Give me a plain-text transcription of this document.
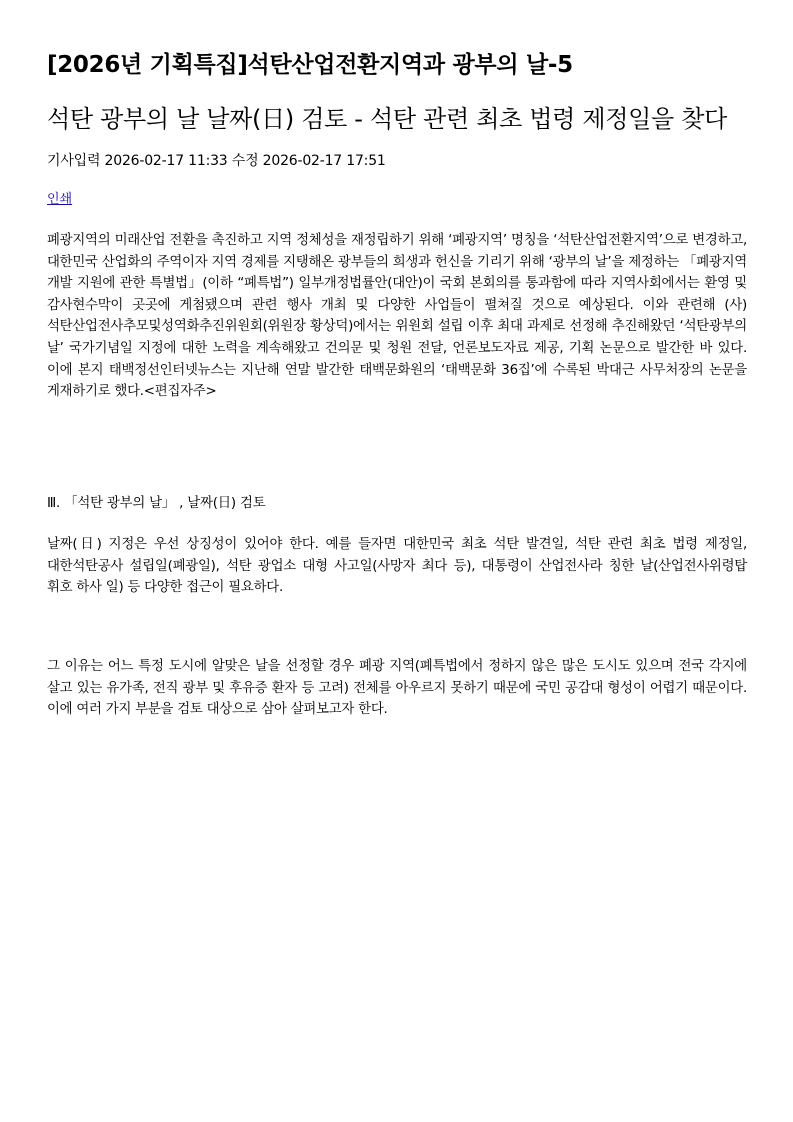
[2026년 기획특집]석탄산업전환지역과 광부의 날-5
석탄 광부의 날 날짜(日) 검토 - 석탄 관련 최초 법령 제정일을 찾다
기사입력 2026-02-17 11:33 수정 2026-02-17 17:51
인쇄

폐광지역의 미래산업 전환을 촉진하고 지역 정체성을 재정립하기 위해 ‘폐광지역’ 명칭을 ‘석탄산업전환지역’으로 변경하고, 대한민국 산업화의 주역이자 지역 경제를 지탱해온 광부들의 희생과 헌신을 기리기 위해 ‘광부의 날’을 제정하는 「폐광지역 개발 지원에 관한 특별법」(이하 “폐특법”) 일부개정법률안(대안)이 국회 본회의를 통과함에 따라 지역사회에서는 환영 및 감사현수막이 곳곳에 게첨됐으며 관련 행사 개최 및 다양한 사업들이 펼쳐질 것으로 예상된다. 이와 관련해 (사)석탄산업전사추모및성역화추진위원회(위원장 황상덕)에서는 위원회 설립 이후 최대 과제로 선정해 추진해왔던 ‘석탄광부의 날’ 국가기념일 지정에 대한 노력을 계속해왔고 건의문 및 청원 전달, 언론보도자료 제공, 기획 논문으로 발간한 바 있다. 이에 본지 태백정선인터넷뉴스는 지난해 연말 발간한 태백문화원의 ‘태백문화 36집’에 수록된 박대근 사무처장의 논문을 게재하기로 했다.<편집자주>

Ⅲ. 「석탄 광부의 날」 , 날짜(日) 검토

날짜(日) 지정은 우선 상징성이 있어야 한다. 예를 들자면 대한민국 최초 석탄 발견일, 석탄 관련 최초 법령 제정일, 대한석탄공사 설립일(폐광일), 석탄 광업소 대형 사고일(사망자 최다 등), 대통령이 산업전사라 칭한 날(산업전사위령탑 휘호 하사 일) 등 다양한 접근이 필요하다.

그 이유는 어느 특정 도시에 알맞은 날을 선정할 경우 폐광 지역(폐특법에서 정하지 않은 많은 도시도 있으며 전국 각지에 살고 있는 유가족, 전직 광부 및 후유증 환자 등 고려) 전체를 아우르지 못하기 때문에 국민 공감대 형성이 어렵기 때문이다. 이에 여러 가지 부분을 검토 대상으로 삼아 살펴보고자 한다.
